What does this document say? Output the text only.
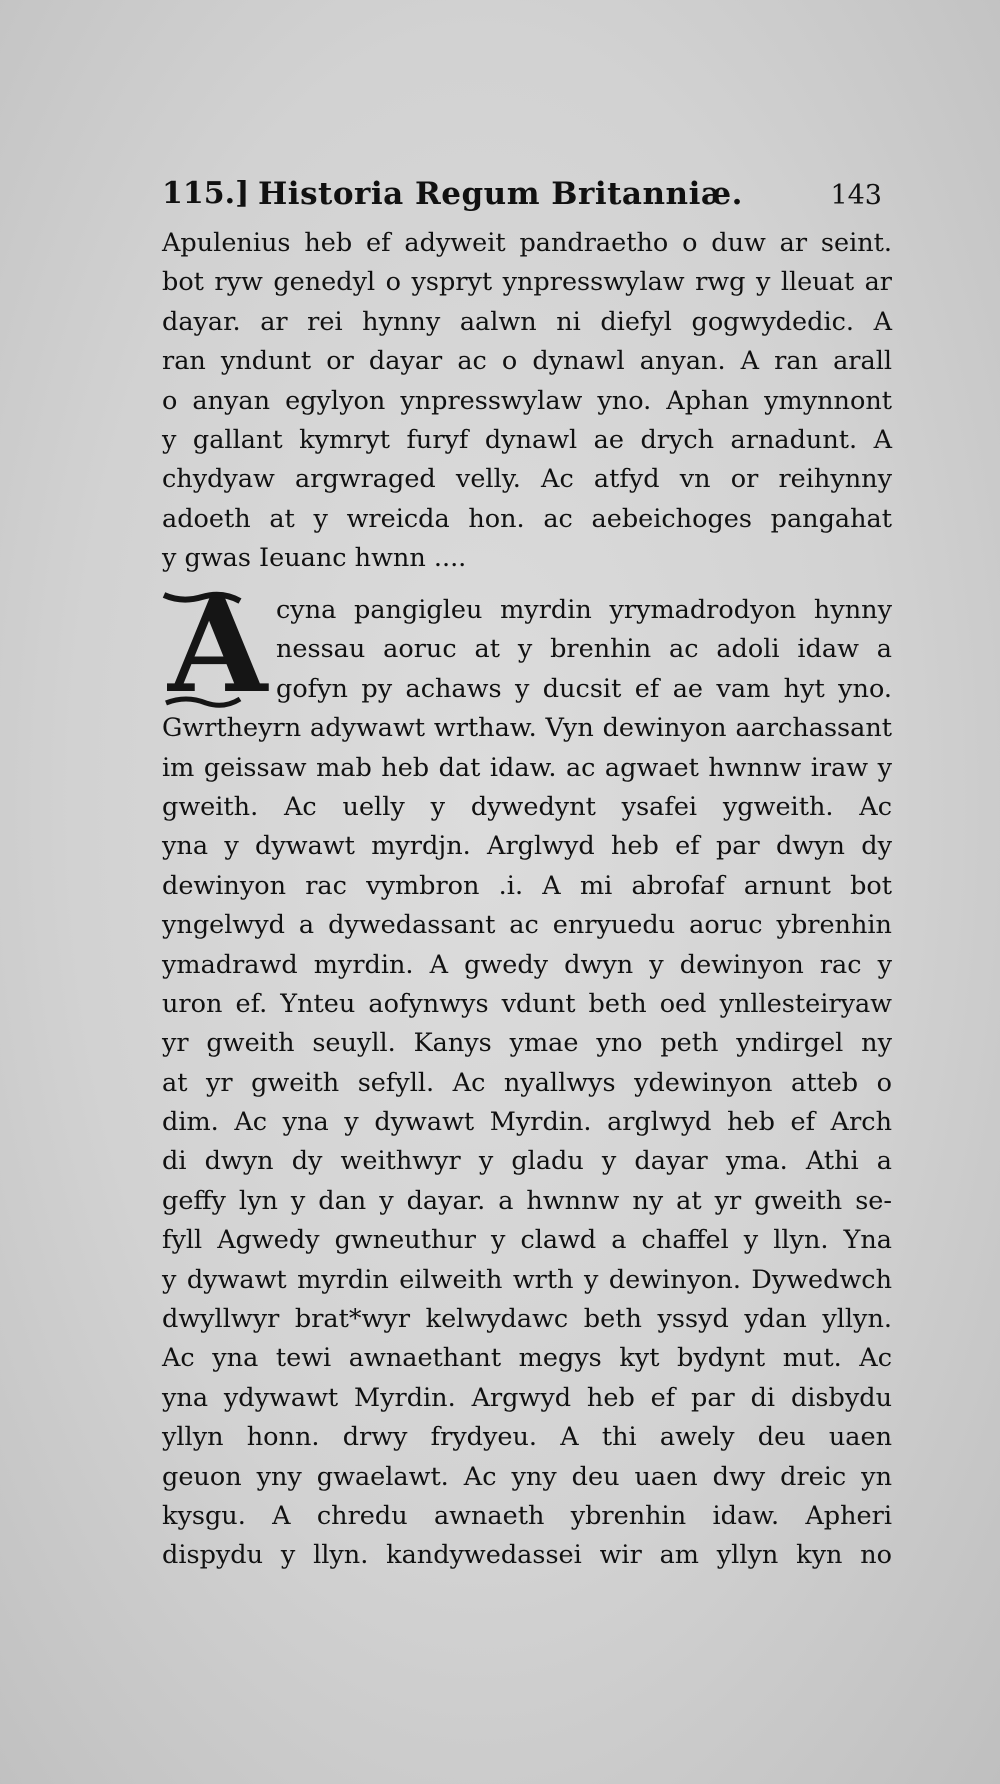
115.] Historia Regum Britanniæ.	143
Apulenius heb ef adyweit pandraetho o duw ar seint.
bot ryw genedyl o yspryt ynpresswylaw rwg y lleuat ar
dayar. ar rei hynny aalwn ni diefyl gogwydedic. A
ran yndunt or dayar ac o dynawl anyan. A ran arall
o anyan egylyon ynpresswylaw yno. Aphan ymynnont
y gallant kymryt furyf dynawl ae drych arnadunt. A
chydyaw argwraged velly. Ac atfyd vn or reihynny
adoeth at y wreicda hon. ac aebeichoges pangahat
y gwas Ieuanc hwnn ....
A cyna pangigleu myrdin yrymadrodyon hynny
nessau aoruc at y brenhin ac adoli idaw a
gofyn py achaws y ducsit ef ae vam hyt yno.
Gwrtheyrn adywawt wrthaw. Vyn dewinyon aarchassant
im geissaw mab heb dat idaw. ac agwaet hwnnw iraw y
gweith. Ac uelly y dywedynt ysafei ygweith. Ac
yna y dywawt myrdjn. Arglwyd heb ef par dwyn dy
dewinyon rac vymbron .i. A mi abrofaf arnunt bot
yngelwyd a dywedassant ac enryuedu aoruc ybrenhin
ymadrawd myrdin. A gwedy dwyn y dewinyon rac y
uron ef. Ynteu aofynwys vdunt beth oed ynllesteiryaw
yr gweith seuyll. Kanys ymae yno peth yndirgel ny
at yr gweith sefyll. Ac nyallwys ydewinyon atteb o
dim. Ac yna y dywawt Myrdin. arglwyd heb ef Arch
di dwyn dy weithwyr y gladu y dayar yma. Athi a
geffy lyn y dan y dayar. a hwnnw ny at yr gweith se-
fyll Agwedy gwneuthur y clawd a chaffel y llyn. Yna
y dywawt myrdin eilweith wrth y dewinyon. Dywedwch
dwyllwyr brat*wyr kelwydawc beth yssyd ydan yllyn.
Ac yna tewi awnaethant megys kyt bydynt mut. Ac
yna ydywawt Myrdin. Argwyd heb ef par di disbydu
yllyn honn. drwy frydyeu. A thi awely deu uaen
geuon yny gwaelawt. Ac yny deu uaen dwy dreic yn
kysgu. A chredu awnaeth ybrenhin idaw. Apheri
dispydu y llyn. kandywedassei wir am yllyn kyn no
